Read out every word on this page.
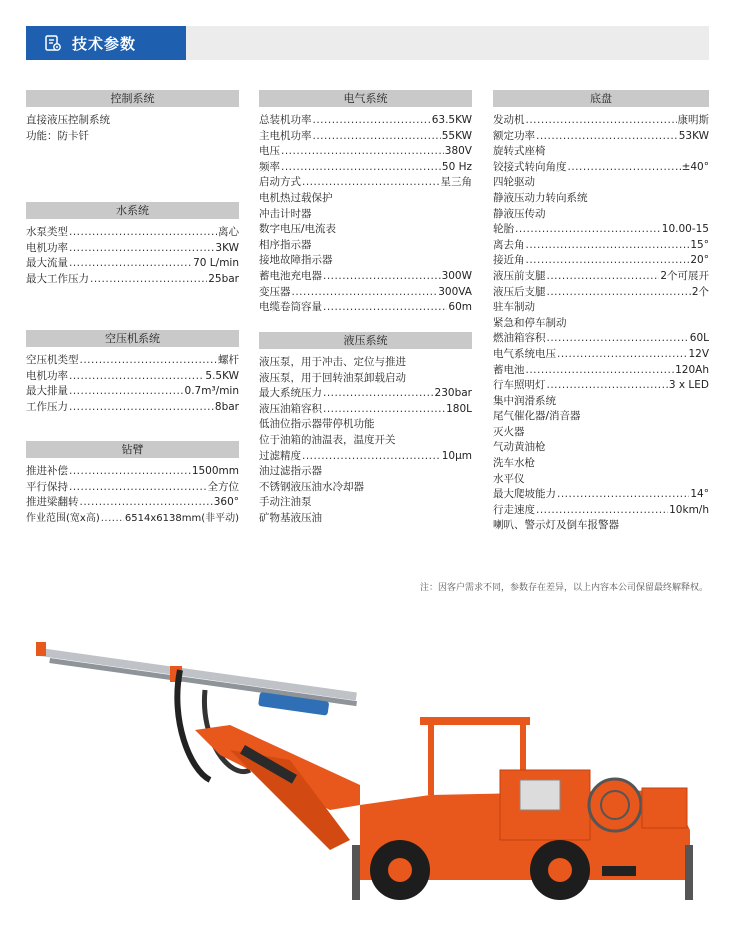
技术参数
控制系统
直接液压控制系统
功能：防卡钎
水系统
水泵类型 .....	离心
电机功率 .....	3KW
最大流量 .....	70 L/min
最大工作压力 .....	25bar
空压机系统
空压机类型 .....	螺杆
电机功率 .....	5.5KW
最大排量 .....	0.7m³/min
工作压力 .....	8bar
钻臂
推进补偿 .....	1500mm
平行保持 .....	全方位
推进梁翻转 .....	360°
作业范围(宽x高) .....	6514x6138mm(非平动)
电气系统
总装机功率 .....	63.5KW
主电机功率 .....	55KW
电压 .....	380V
频率 .....	50 Hz
启动方式 .....	星三角
电机热过载保护
冲击计时器
数字电压/电流表
相序指示器
接地故障指示器
蓄电池充电器 .....	300W
变压器 .....	300VA
电缆卷筒容量 .....	60m
液压系统
液压泵，用于冲击、定位与推进
液压泵，用于回转油泵卸载启动
最大系统压力 .....	230bar
液压油箱容积 .....	180L
低油位指示器带停机功能
位于油箱的油温表，温度开关
过滤精度 .....	10μm
油过滤指示器
不锈钢液压油水冷却器
手动注油泵
矿物基液压油
底盘
发动机 .....	康明斯
额定功率 .....	53KW
旋转式座椅
铰接式转向角度 .....	±40°
四轮驱动
静液压动力转向系统
静液压传动
轮胎 .....	10.00-15
离去角 .....	15°
接近角 .....	20°
液压前支腿 .....	2个可展开
液压后支腿 .....	2个
驻车制动
紧急和停车制动
燃油箱容积 .....	60L
电气系统电压 .....	12V
蓄电池 .....	120Ah
行车照明灯 .....	3 x LED
集中润滑系统
尾气催化器/消音器
灭火器
气动黄油枪
洗车水枪
水平仪
最大爬坡能力 .....	14°
行走速度 .....	10km/h
喇叭、警示灯及倒车报警器
注：因客户需求不同，参数存在差异，以上内容本公司保留最终解释权。
